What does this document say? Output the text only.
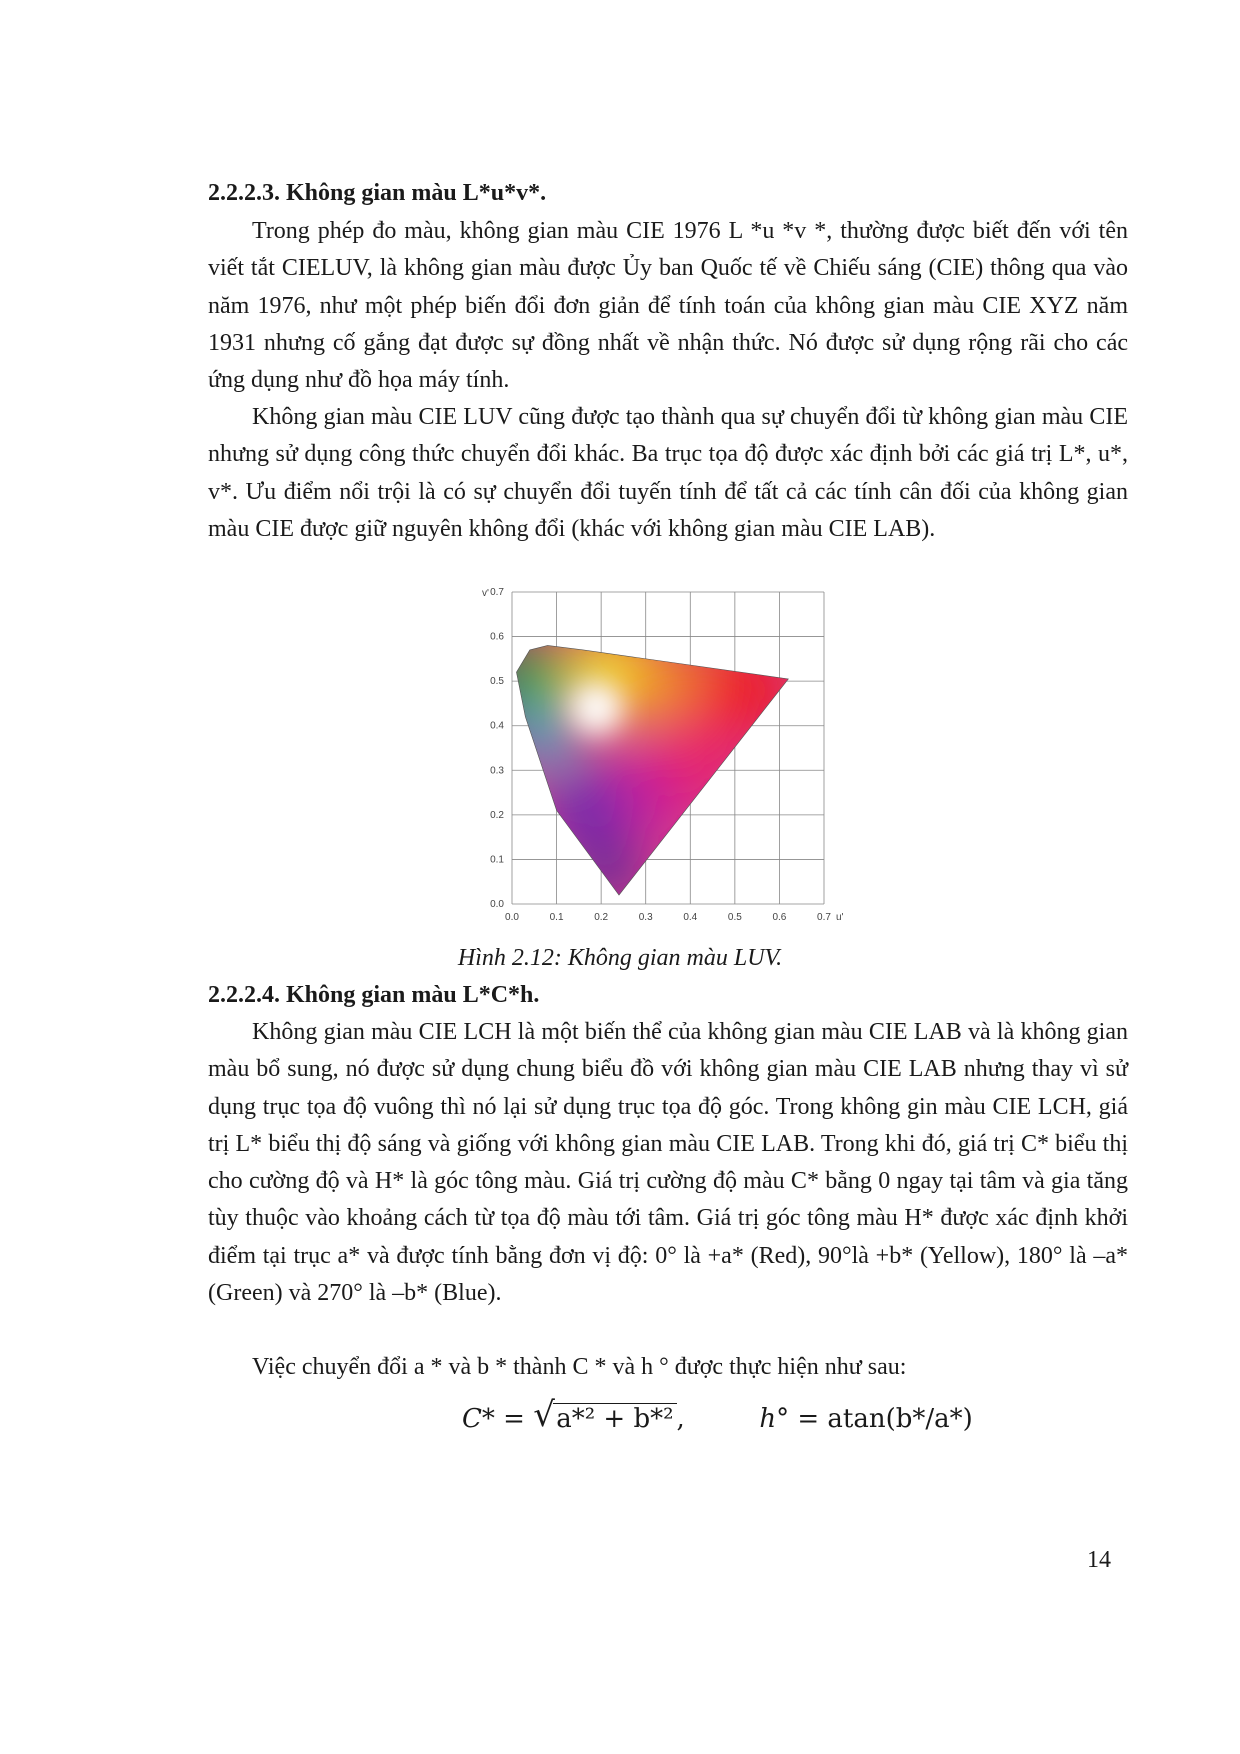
2.2.2.3. Không gian màu L*u*v*.

Trong phép đo màu, không gian màu CIE 1976 L *u *v *, thường được biết đến với tên viết tắt CIELUV, là không gian màu được Ủy ban Quốc tế về Chiếu sáng (CIE) thông qua vào năm 1976, như một phép biến đổi đơn giản để tính toán của không gian màu CIE XYZ năm 1931 nhưng cố gắng đạt được sự đồng nhất về nhận thức. Nó được sử dụng rộng rãi cho các ứng dụng như đồ họa máy tính.

Không gian màu CIE LUV cũng được tạo thành qua sự chuyển đổi từ không gian màu CIE nhưng sử dụng công thức chuyển đổi khác. Ba trục tọa độ được xác định bởi các giá trị L*, u*, v*. Ưu điểm nổi trội là có sự chuyển đổi tuyến tính để tất cả các tính cân đối của không gian màu CIE được giữ nguyên không đổi (khác với không gian màu CIE LAB).

0.0	0.1	0.2	0.3	0.4	0.5	0.6	0.7
0.0
0.1
0.2
0.3
0.4
0.5
0.6
0.7
u'
v'
Hình 2.12: Không gian màu LUV.
2.2.2.4. Không gian màu L*C*h.

Không gian màu CIE LCH là một biến thể của không gian màu CIE LAB và là không gian màu bổ sung, nó được sử dụng chung biểu đồ với không gian màu CIE LAB nhưng thay vì sử dụng trục tọa độ vuông thì nó lại sử dụng trục tọa độ góc. Trong không gin màu CIE LCH, giá trị L* biểu thị độ sáng và giống với không gian màu CIE LAB. Trong khi đó, giá trị C* biểu thị cho cường độ và H* là góc tông màu. Giá trị cường độ màu C* bằng 0 ngay tại tâm và gia tăng tùy thuộc vào khoảng cách từ tọa độ màu tới tâm. Giá trị góc tông màu H* được xác định khởi điểm tại trục a* và được tính bằng đơn vị độ: 0° là +a* (Red), 90°là +b* (Yellow), 180° là –a* (Green) và 270° là –b* (Blue).

Việc chuyển đổi a * và b * thành C * và h ° được thực hiện như sau:

C* = √ a*² + b*² ,	h° = atan(b*/a*)
14
